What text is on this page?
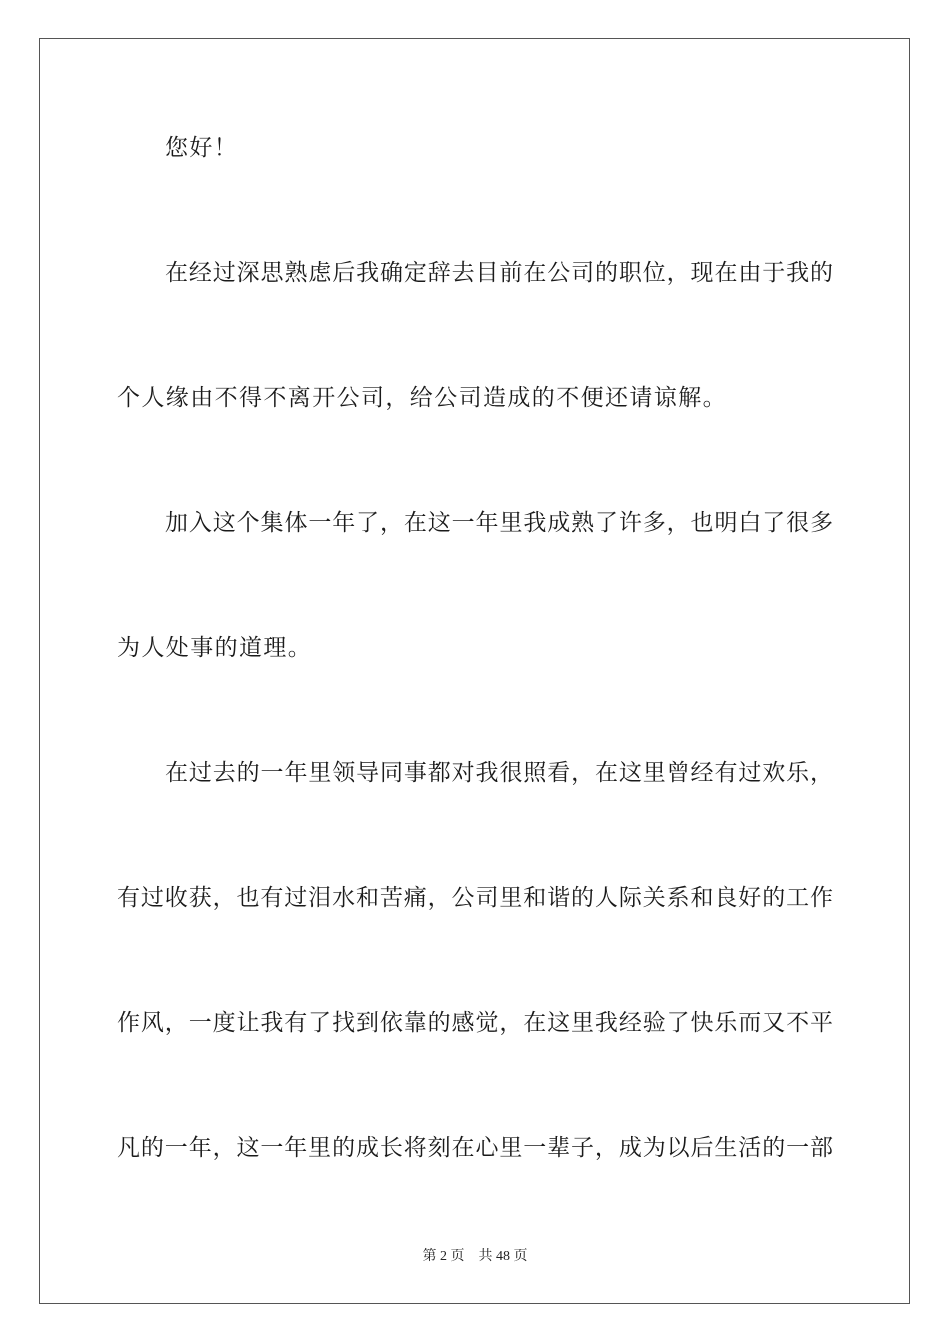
您好！
在经过深思熟虑后我确定辞去目前在公司的职位，现在由于我的
个人缘由不得不离开公司，给公司造成的不便还请谅解。
加入这个集体一年了，在这一年里我成熟了许多，也明白了很多
为人处事的道理。
在过去的一年里领导同事都对我很照看，在这里曾经有过欢乐，
有过收获，也有过泪水和苦痛，公司里和谐的人际关系和良好的工作
作风，一度让我有了找到依靠的感觉，在这里我经验了快乐而又不平
凡的一年，这一年里的成长将刻在心里一辈子，成为以后生活的一部
第 2 页 共 48 页
